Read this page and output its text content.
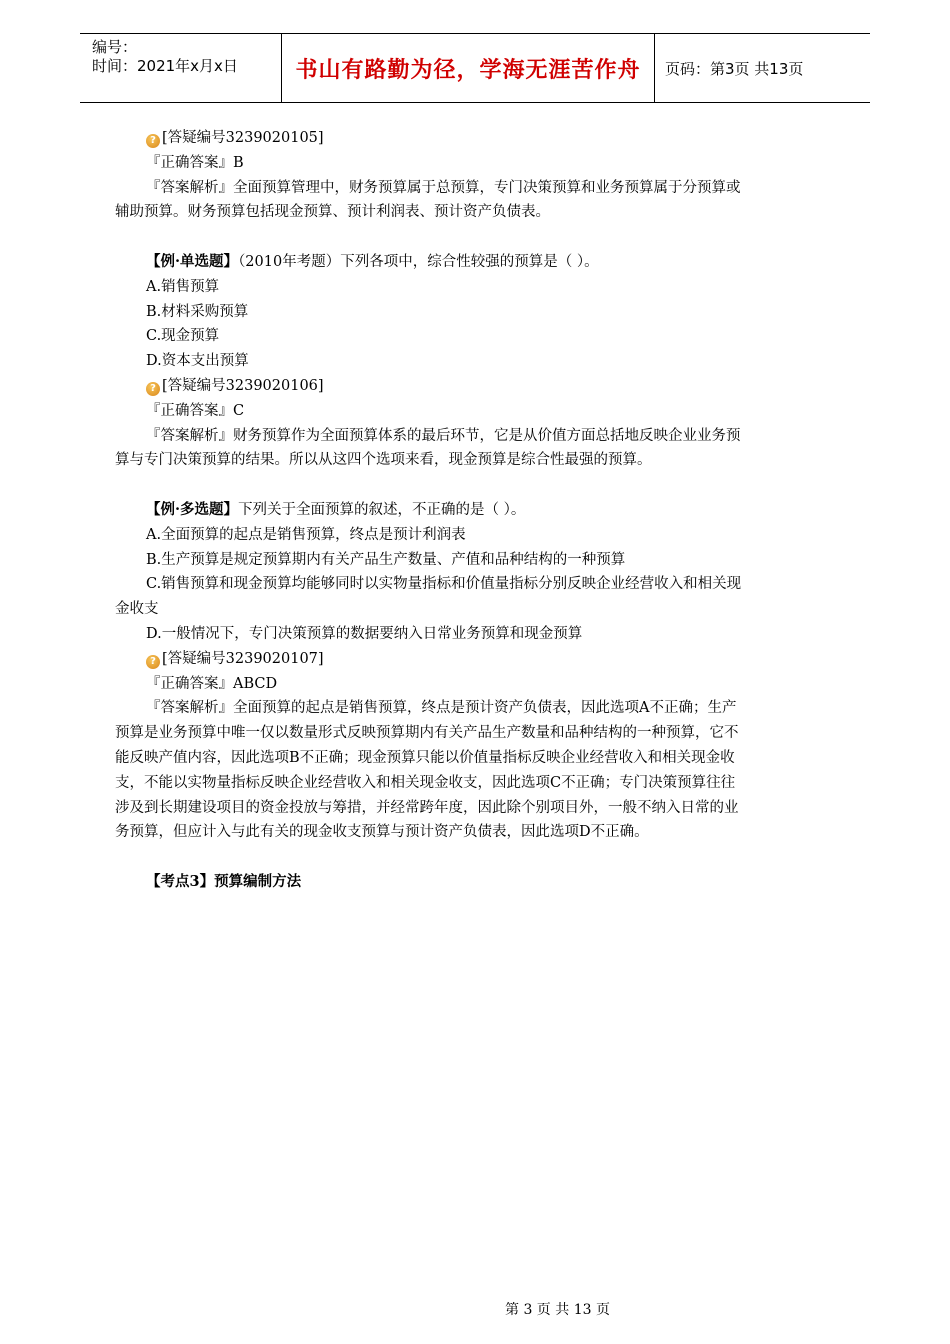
编号：
时间：2021年x月x日	书山有路勤为径，学海无涯苦作舟 页码：第3页 共13页
? [答疑编号3239020105]
『正确答案』B
『答案解析』全面预算管理中，财务预算属于总预算，专门决策预算和业务预算属于分预算或
辅助预算。财务预算包括现金预算、预计利润表、预计资产负债表。
【例·单选题】（2010年考题）下列各项中，综合性较强的预算是（ ）。
A.销售预算
B.材料采购预算
C.现金预算
D.资本支出预算
? [答疑编号3239020106]
『正确答案』C
『答案解析』财务预算作为全面预算体系的最后环节，它是从价值方面总括地反映企业业务预
算与专门决策预算的结果。所以从这四个选项来看，现金预算是综合性最强的预算。
【例·多选题】下列关于全面预算的叙述，不正确的是（ ）。
A.全面预算的起点是销售预算，终点是预计利润表
B.生产预算是规定预算期内有关产品生产数量、产值和品种结构的一种预算
C.销售预算和现金预算均能够同时以实物量指标和价值量指标分别反映企业经营收入和相关现
金收支
D.一般情况下，专门决策预算的数据要纳入日常业务预算和现金预算
? [答疑编号3239020107]
『正确答案』ABCD
『答案解析』全面预算的起点是销售预算，终点是预计资产负债表，因此选项A不正确；生产
预算是业务预算中唯一仅以数量形式反映预算期内有关产品生产数量和品种结构的一种预算，它不
能反映产值内容，因此选项B不正确；现金预算只能以价值量指标反映企业经营收入和相关现金收
支，不能以实物量指标反映企业经营收入和相关现金收支，因此选项C不正确；专门决策预算往往
涉及到长期建设项目的资金投放与筹措，并经常跨年度，因此除个别项目外，一般不纳入日常的业
务预算，但应计入与此有关的现金收支预算与预计资产负债表，因此选项D不正确。
【考点3】预算编制方法
第 3 页 共 13 页
